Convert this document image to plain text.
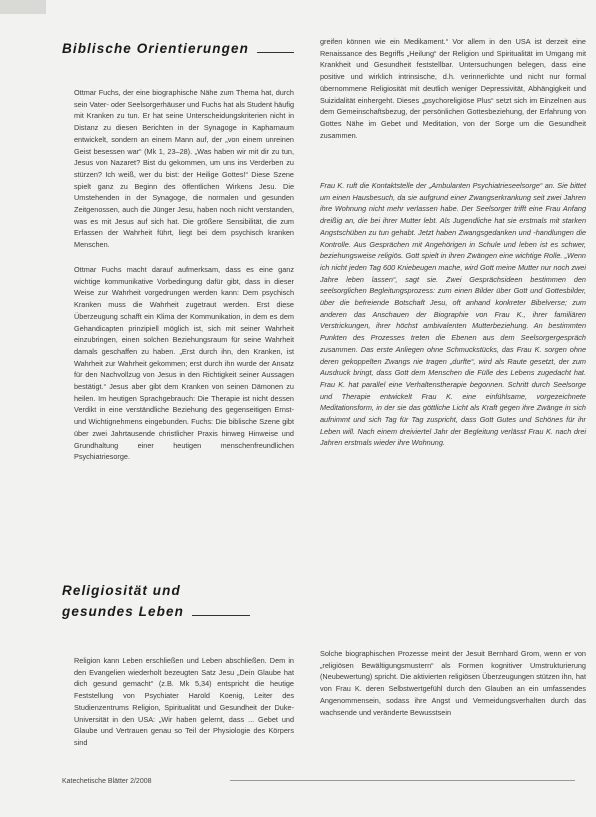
Biblische Orientierungen

Ottmar Fuchs, der eine biographische Nähe zum Thema hat, durch sein Vater- oder Seelsorgerhäuser und Fuchs hat als Student häufig mit Kranken zu tun. Er hat seine Unterscheidungskriterien nicht in Distanz zu diesen Berichten in der Synagoge in Kapharnaum entwickelt, sondern an einem Mann auf, der „von einem unreinen Geist besessen war“ (Mk 1, 23–28). „Was haben wir mit dir zu tun, Jesus von Nazaret? Bist du gekommen, um uns ins Verderben zu stürzen? Ich weiß, wer du bist: der Heilige Gottes!“ Diese Szene spielt ganz zu Beginn des öffentlichen Wirkens Jesu. Die Umstehenden in der Synagoge, die normalen und gesunden Zeitgenossen, auch die Jünger Jesu, haben noch nicht verstanden, was es mit Jesus auf sich hat. Die größere Sensibilität, die zum Erfassen der Wahrheit führt, liegt bei dem psychisch kranken Menschen.

Ottmar Fuchs macht darauf aufmerksam, dass es eine ganz wichtige kommunikative Vorbedingung dafür gibt, dass in dieser Weise zur Wahrheit vorgedrungen werden kann: Dem psychisch Kranken muss die Wahrheit zugetraut werden. Erst diese Überzeugung schafft ein Klima der Kommunikation, in dem es dem Gehandicapten prinzipiell möglich ist, sich mit seiner Wahrheit einzubringen, einen solchen Beziehungsraum für seine Wahrheit damals geschaffen zu haben. „Erst durch ihn, den Kranken, ist Wahrheit zur Wahrheit gekommen; erst durch ihn wurde der Ansatz für den Nachvollzug von Jesus in den Richtigkeit seiner Aussagen bestätigt.“ Jesus aber gibt dem Kranken von seinen Dämonen zu heilen. Im heutigen Sprachgebrauch: Die Therapie ist nicht dessen Verdikt in eine verständliche Beziehung des gegenseitigen Ernst- und Wichtignehmens eingebunden. Fuchs: Die biblische Szene gibt über zwei Jahrtausende christlicher Praxis hinweg Hinweise und Grundhaltung einer heutigen menschenfreundlichen Psychiatriesorge.

Religiosität und
gesundes Leben

Religion kann Leben erschließen und Leben abschließen. Dem in den Evangelien wiederholt bezeugten Satz Jesu „Dein Glaube hat dich gesund gemacht“ (z.B. Mk 5,34) entspricht die heutige Feststellung von Psychiater Harold Koenig, Leiter des Studienzentrums Religion, Spiritualität und Gesundheit der Duke-Universität in den USA: „Wir haben gelernt, dass ... Gebet und Glaube und Vertrauen genau so Teil der Physiologie des Körpers sind

greifen können wie ein Medikament.“ Vor allem in den USA ist derzeit eine Renaissance des Begriffs „Heilung“ der Religion und Spiritualität im Umgang mit Krankheit und Gesundheit feststellbar. Untersuchungen belegen, dass eine positive und wirklich intrinsische, d.h. verinnerlichte und nicht nur formal übernommene Religiosität mit deutlich weniger Depressivität, Abhängigkeit und Suizidalität einhergeht. Dieses „psychoreligiöse Plus“ setzt sich im Einzelnen aus dem Gemeinschaftsbezug, der persönlichen Gottesbeziehung, der Erfahrung von Gottes Nähe im Gebet und Meditation, von der Sorge um die Gesundheit zusammen.

Frau K. ruft die Kontaktstelle der „Ambulanten Psychiatrieseelsorge“ an. Sie bittet um einen Hausbesuch, da sie aufgrund einer Zwangserkrankung seit zwei Jahren ihre Wohnung nicht mehr verlassen habe. Der Seelsorger trifft eine Frau Anfang dreißig an, die bei ihrer Mutter lebt. Als Jugendliche hat sie erstmals mit starken Angstschüben zu tun gehabt. Jetzt haben Zwangsgedanken und -handlungen die Kontrolle. Aus Gesprächen mit Angehörigen in Schule und leben ist es schwer, beziehungsweise religiös. Gott spielt in ihren Zwängen eine wichtige Rolle. „Wenn ich nicht jeden Tag 600 Kniebeugen mache, wird Gott meine Mutter nur noch zwei Jahre leben lassen“, sagt sie. Zwei Gesprächsideen bestimmen den seelsorglichen Begleitungsprozess: zum einen Bilder über Gott und Gottesbilder, über die befreiende Botschaft Jesu, oft anhand konkreter Bibelverse; zum anderen das Anschauen der Biographie von Frau K., ihrer familiären Verstrickungen, ihrer höchst ambivalenten Mutterbeziehung. An bestimmten Punkten des Prozesses treten die Ebenen aus dem Seelsorgergespräch zusammen. Das erste Anliegen ohne Schmuckstücks, das Frau K. sorgen ohne deren gekoppelten Zwangs nie tragen „durfte“, wird als Raute gesetzt, der zum Ausdruck bringt, dass Gott dem Menschen die Fülle des Lebens zugedacht hat. Frau K. hat parallel eine Verhaltenstherapie begonnen. Schritt durch Seelsorge und Therapie entwickelt Frau K. eine einfühlsame, vorgezeichnete Meditationsform, in der sie das göttliche Licht als Kraft gegen ihre Zwänge in sich aufnimmt und sich Tag für Tag zuspricht, dass Gott Gutes und Schönes für ihr Leben will. Nach einem dreiviertel Jahr der Begleitung verlässt Frau K. nach drei Jahren erstmals wieder ihre Wohnung.

Solche biographischen Prozesse meint der Jesuit Bernhard Grom, wenn er von „religiösen Bewältigungsmustern“ als Formen kognitiver Umstrukturierung (Neubewertung) spricht. Die aktivierten religiösen Überzeugungen stützen ihn, hat von Frau K. deren Selbstwertgefühl durch den Glauben an ein umfassendes Angenommensein, sodass ihre Angst und Vermeidungsverhalten durch das wachsende und veränderte Bewusstsein

Katechetische Blätter 2/2008
